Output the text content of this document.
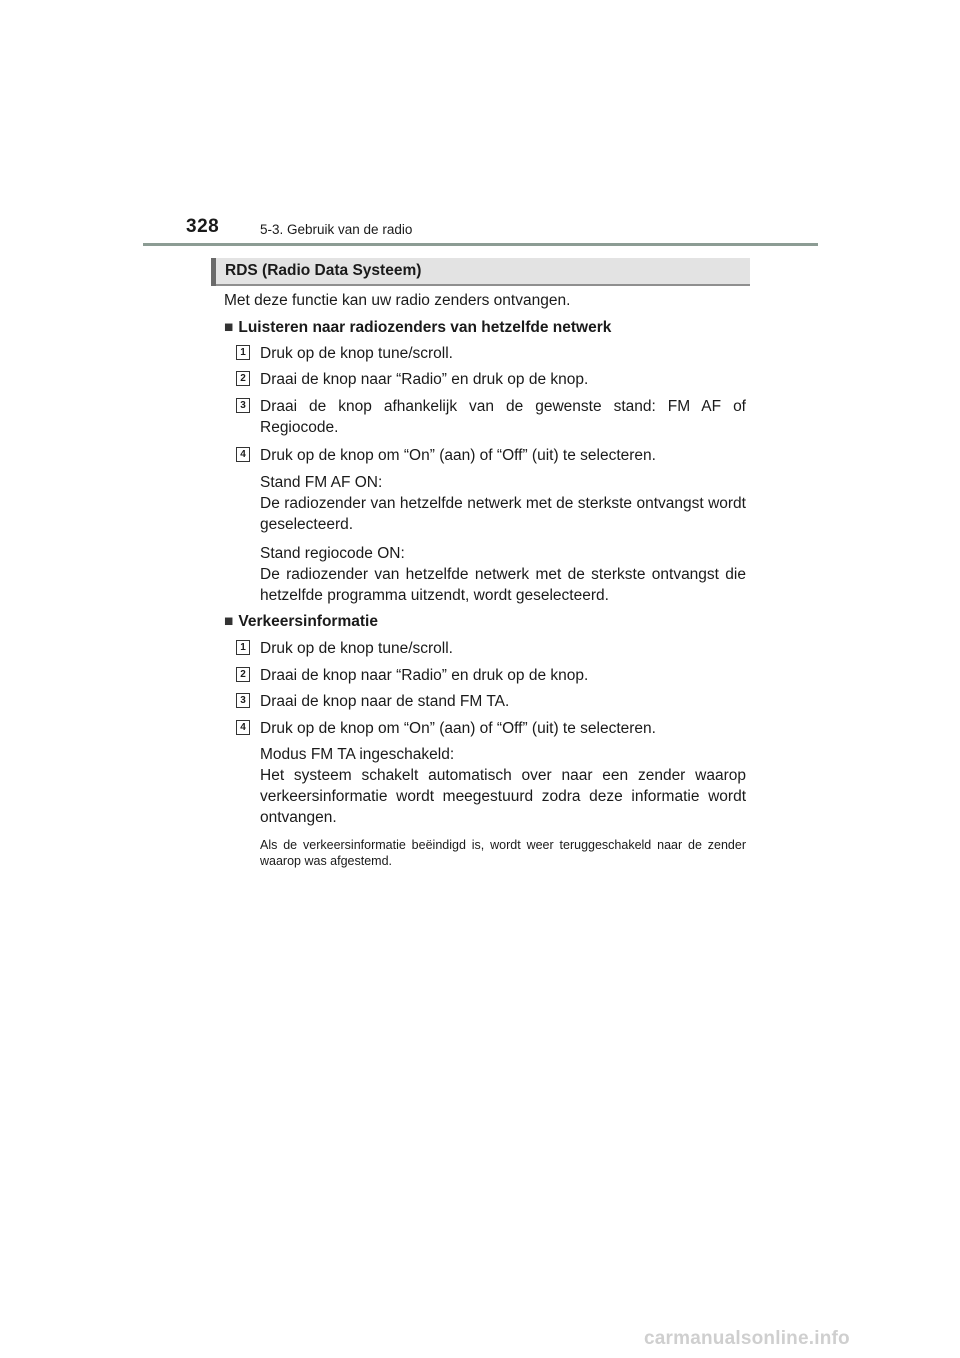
328	5-3. Gebruik van de radio
RDS (Radio Data Systeem)
Met deze functie kan uw radio zenders ontvangen.
■ Luisteren naar radiozenders van hetzelfde netwerk
1 Druk op de knop tune/scroll.
2 Draai de knop naar “Radio” en druk op de knop.
3 Draai de knop afhankelijk van de gewenste stand: FM AF of Regiocode.
4 Druk op de knop om “On” (aan) of “Off” (uit) te selecteren.
Stand FM AF ON:
De radiozender van hetzelfde netwerk met de sterkste ontvangst wordt geselecteerd.
Stand regiocode ON:
De radiozender van hetzelfde netwerk met de sterkste ontvangst die hetzelfde programma uitzendt, wordt geselecteerd.
■ Verkeersinformatie
1 Druk op de knop tune/scroll.
2 Draai de knop naar “Radio” en druk op de knop.
3 Draai de knop naar de stand FM TA.
4 Druk op de knop om “On” (aan) of “Off” (uit) te selecteren.
Modus FM TA ingeschakeld:
Het systeem schakelt automatisch over naar een zender waarop verkeersinformatie wordt meegestuurd zodra deze informatie wordt ontvangen.
Als de verkeersinformatie beëindigd is, wordt weer teruggeschakeld naar de zender waarop was afgestemd.
carmanualsonline.info
